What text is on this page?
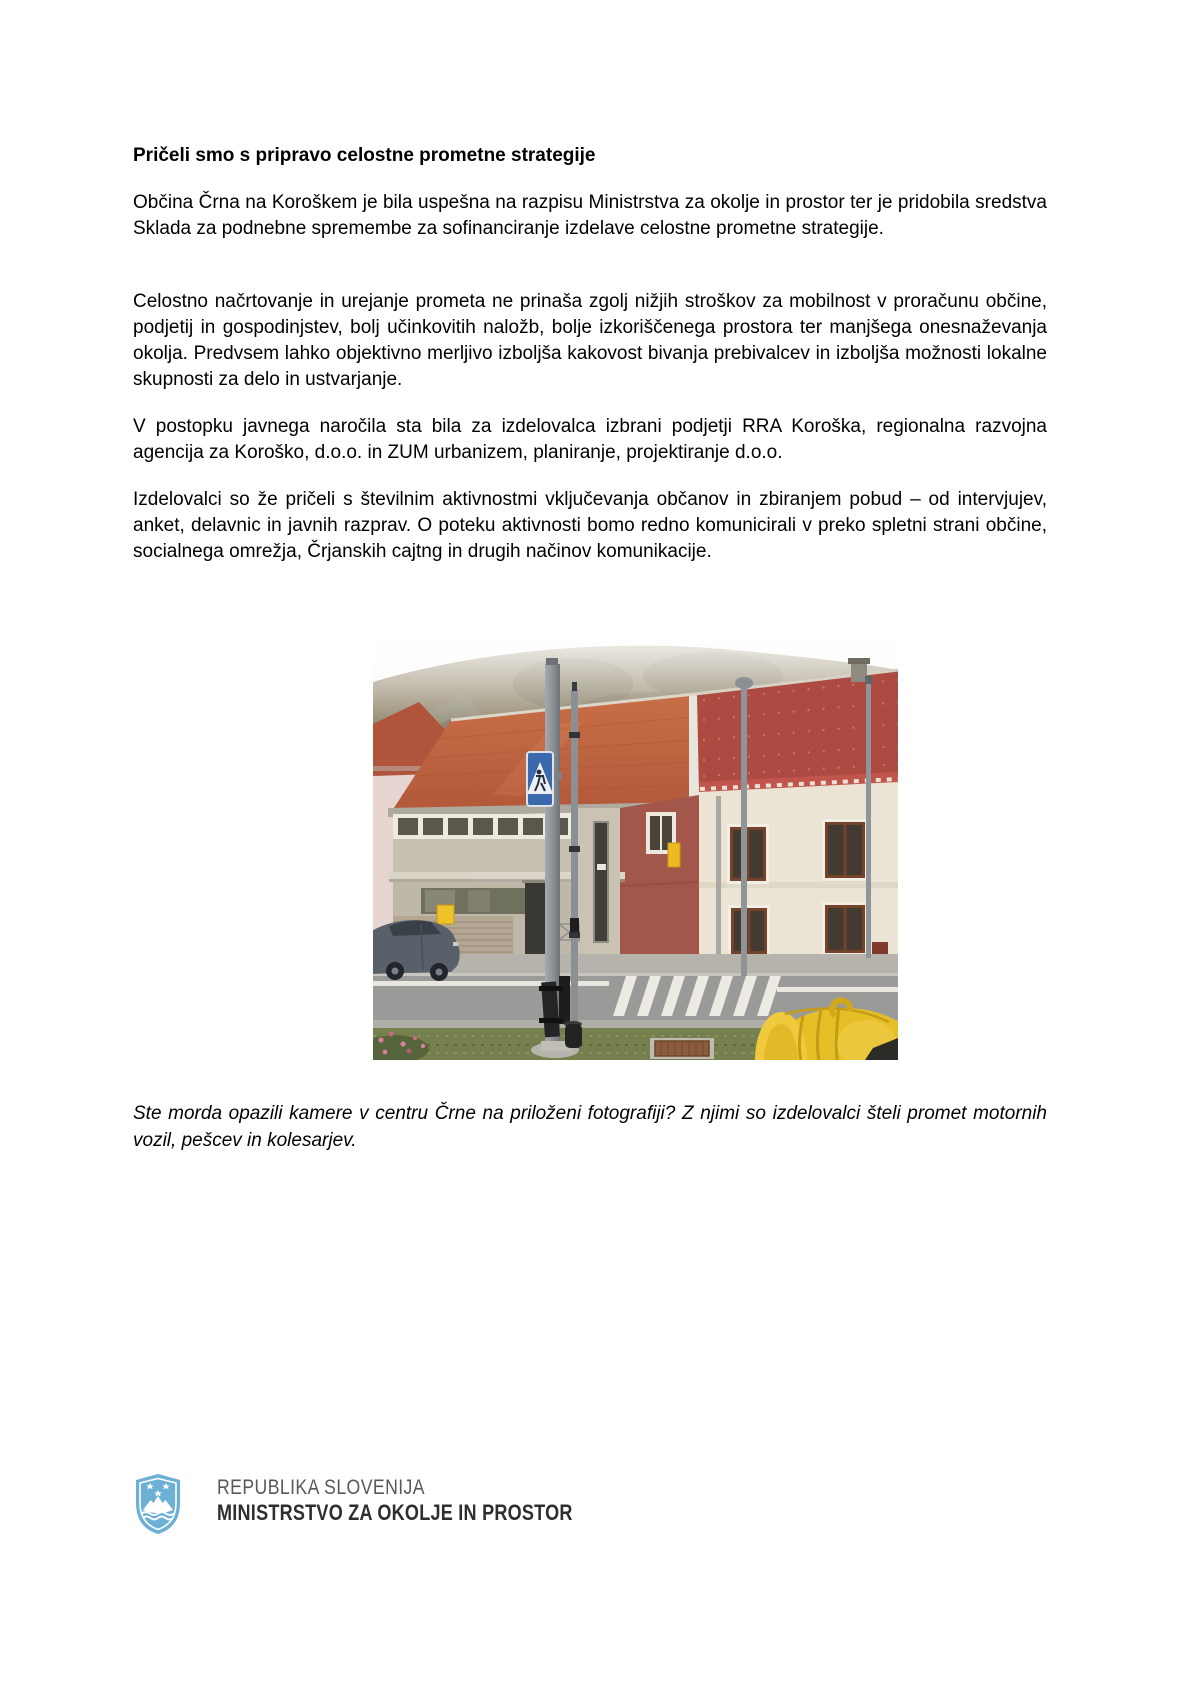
Pričeli smo s pripravo celostne prometne strategije

Občina Črna na Koroškem je bila uspešna na razpisu Ministrstva za okolje in prostor ter je pridobila sredstva Sklada za podnebne spremembe za sofinanciranje izdelave celostne prometne strategije.

Celostno načrtovanje in urejanje prometa ne prinaša zgolj nižjih stroškov za mobilnost v proračunu občine, podjetij in gospodinjstev, bolj učinkovitih naložb, bolje izkoriščenega prostora ter manjšega onesnaževanja okolja. Predvsem lahko objektivno merljivo izboljša kakovost bivanja prebivalcev in izboljša možnosti lokalne skupnosti za delo in ustvarjanje.

V postopku javnega naročila sta bila za izdelovalca izbrani podjetji RRA Koroška, regionalna razvojna agencija za Koroško, d.o.o. in ZUM urbanizem, planiranje, projektiranje d.o.o.

Izdelovalci so že pričeli s številnim aktivnostmi vključevanja občanov in zbiranjem pobud – od intervjujev, anket, delavnic in javnih razprav. O poteku aktivnosti bomo redno komunicirali v preko spletni strani občine, socialnega omrežja, Črjanskih cajtng in drugih načinov komunikacije.

Ste morda opazili kamere v centru Črne na priloženi fotografiji? Z njimi so izdelovalci šteli promet motornih vozil, pešcev in kolesarjev.

REPUBLIKA SLOVENIJA
MINISTRSTVO ZA OKOLJE IN PROSTOR
